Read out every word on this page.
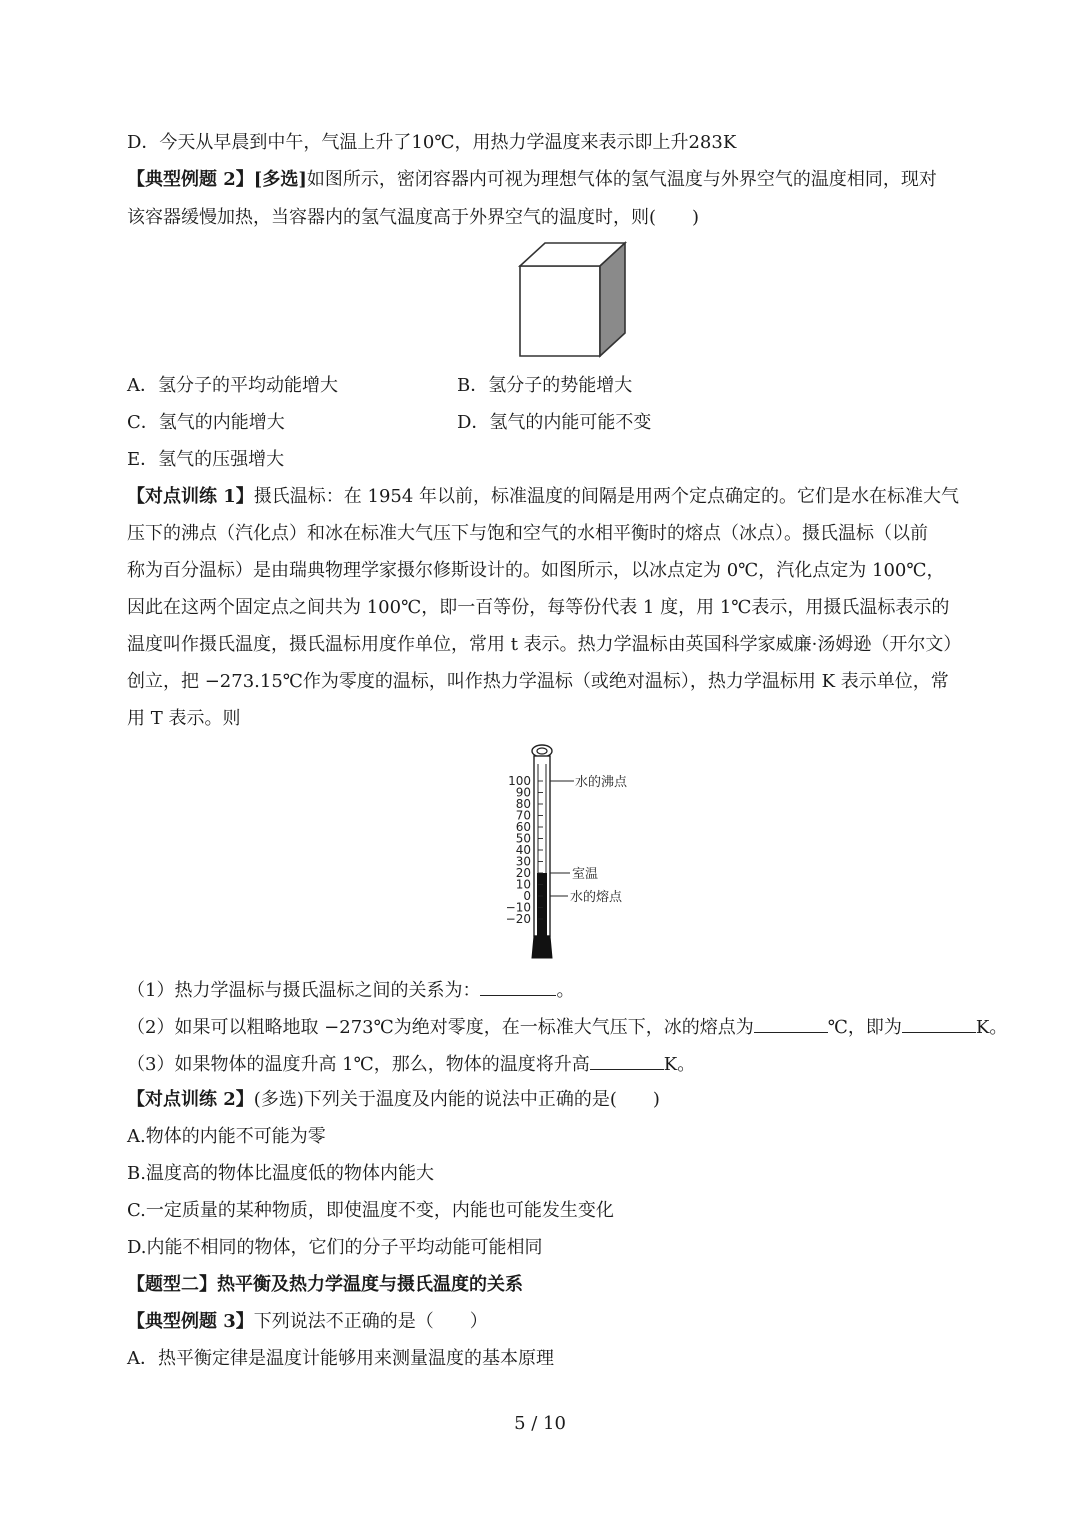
D．今天从早晨到中午，气温上升了10℃，用热力学温度来表示即上升283K
【典型例题 2】[多选]如图所示，密闭容器内可视为理想气体的氢气温度与外界空气的温度相同，现对
该容器缓慢加热，当容器内的氢气温度高于外界空气的温度时，则(　　)
A．氢分子的平均动能增大	B．氢分子的势能增大
C．氢气的内能增大	D．氢气的内能可能不变
E．氢气的压强增大
【对点训练 1】摄氏温标：在 1954 年以前，标准温度的间隔是用两个定点确定的。它们是水在标准大气
压下的沸点（汽化点）和冰在标准大气压下与饱和空气的水相平衡时的熔点（冰点）。摄氏温标（以前
称为百分温标）是由瑞典物理学家摄尔修斯设计的。如图所示，以冰点定为 0℃，汽化点定为 100℃，
因此在这两个固定点之间共为 100℃，即一百等份，每等份代表 1 度，用 1℃表示，用摄氏温标表示的
温度叫作摄氏温度，摄氏温标用度作单位，常用 t 表示。热力学温标由英国科学家威廉·汤姆逊（开尔文）
创立，把 −273.15℃作为零度的温标，叫作热力学温标（或绝对温标），热力学温标用 K 表示单位，常
用 T 表示。则
100
90
80
70
60
50
40
30
20
10
0
−10
−20
水的沸点
室温
水的熔点
（1）热力学温标与摄氏温标之间的关系为：	。
（2）如果可以粗略地取 −273℃为绝对零度，在一标准大气压下，冰的熔点为	℃，即为	K。
（3）如果物体的温度升高 1℃，那么，物体的温度将升高	K。
【对点训练 2】(多选)下列关于温度及内能的说法中正确的是(　　)
A.物体的内能不可能为零
B.温度高的物体比温度低的物体内能大
C.一定质量的某种物质，即使温度不变，内能也可能发生变化
D.内能不相同的物体，它们的分子平均动能可能相同
【题型二】热平衡及热力学温度与摄氏温度的关系
【典型例题 3】下列说法不正确的是（　　）
A．热平衡定律是温度计能够用来测量温度的基本原理
5 / 10
